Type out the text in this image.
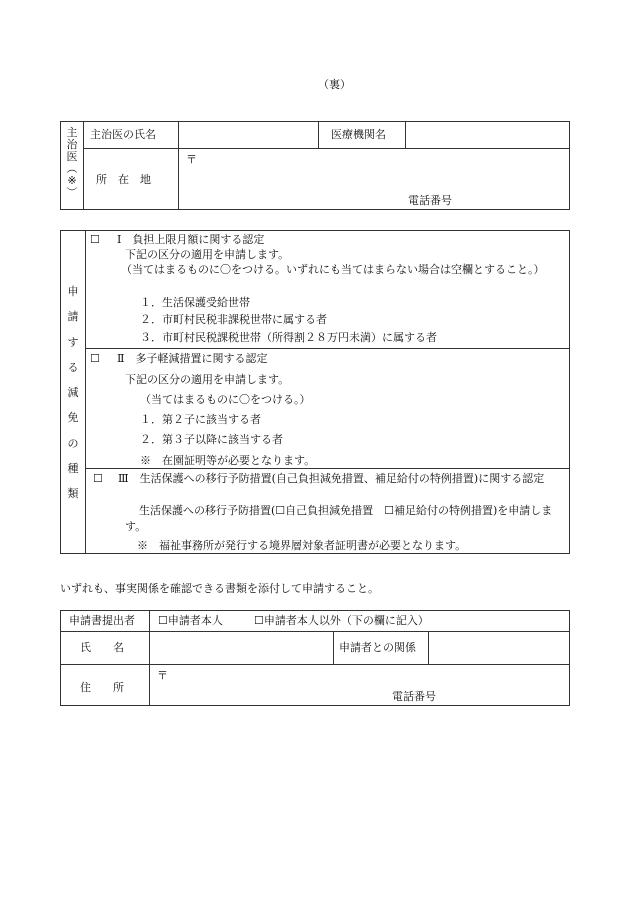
（裏）
主
治
医
︵
※
︶
主治医の氏名	医療機関名
所　在　地
〒
電話番号
申
請
す
る
減
免
の
種
類
☐ Ⅰ　負担上限月額に関する認定
下記の区分の適用を申請します。
（当てはまるものに〇をつける。いずれにも当てはまらない場合は空欄とすること。）
１．生活保護受給世帯
２．市町村民税非課税世帯に属する者
３．市町村民税課税世帯（所得割２８万円未満）に属する者
☐ Ⅱ　多子軽減措置に関する認定
下記の区分の適用を申請します。
（当てはまるものに〇をつける。）
１．第２子に該当する者
２．第３子以降に該当する者
※　在園証明等が必要となります。
☐ Ⅲ　生活保護への移行予防措置(自己負担減免措置、補足給付の特例措置)に関する認定
生活保護への移行予防措置(☐自己負担減免措置　☐補足給付の特例措置)を申請します。
※　福祉事務所が発行する境界層対象者証明書が必要となります。
いずれも、事実関係を確認できる書類を添付して申請すること。
申請書提出者 ☐申請者本人	☐申請者本人以外（下の欄に記入）
氏　　名	申請者との関係
住　　所
〒
電話番号
